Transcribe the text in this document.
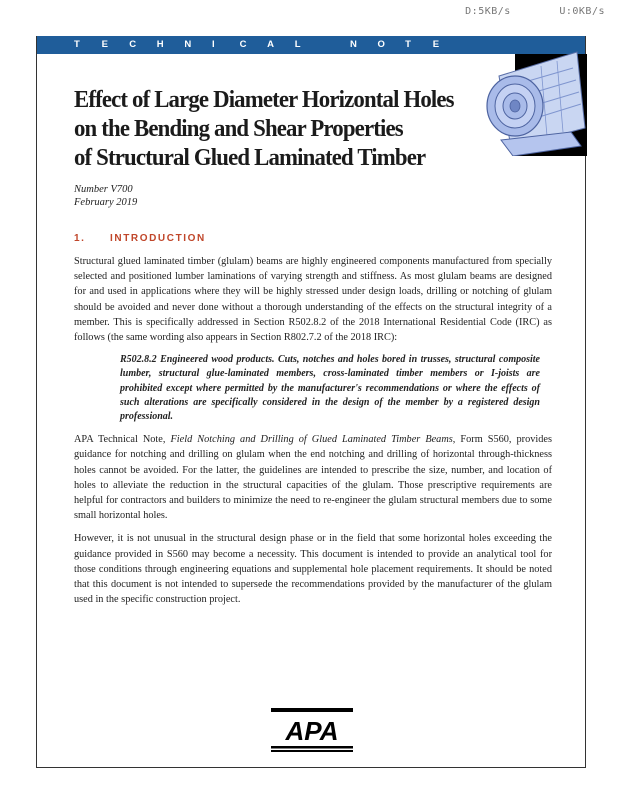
D:5KB/s	U:0KB/s
T	E	C	H	N	I	C	A	L	N	O	T	E
Effect of Large Diameter Horizontal Holes
on the Bending and Shear Properties
of Structural Glued Laminated Timber
Number V700
February 2019
1. INTRODUCTION

Structural glued laminated timber (glulam) beams are highly engineered components manufactured from specially selected and positioned lumber laminations of varying strength and stiffness. As most glulam beams are designed for and used in applications where they will be highly stressed under design loads, drilling or notching of glulam should be avoided and never done without a thorough understanding of the effects on the structural integrity of a member. This is specifically addressed in Section R502.8.2 of the 2018 International Residential Code (IRC) as follows (the same wording also appears in Section R802.7.2 of the 2018 IRC):

R502.8.2 Engineered wood products. Cuts, notches and holes bored in trusses, structural composite lumber, structural glue-laminated members, cross-laminated timber members or I-joists are prohibited except where permitted by the manufacturer's recommendations or where the effects of such alterations are specifically considered in the design of the member by a registered design professional.

APA Technical Note, Field Notching and Drilling of Glued Laminated Timber Beams, Form S560, provides guidance for notching and drilling on glulam when the end notching and drilling of horizontal through-thickness holes cannot be avoided. For the latter, the guidelines are intended to prescribe the size, number, and location of holes to alleviate the reduction in the structural capacities of the glulam. Those prescriptive requirements are helpful for contractors and builders to minimize the need to re-engineer the glulam structural members due to some small horizontal holes.

However, it is not unusual in the structural design phase or in the field that some horizontal holes exceeding the guidance provided in S560 may become a necessity. This document is intended to provide an analytical tool for those conditions through engineering equations and supplemental hole placement requirements. It should be noted that this document is not intended to supersede the recommendations provided by the manufacturer of the glulam used in the specific construction project.

APA
